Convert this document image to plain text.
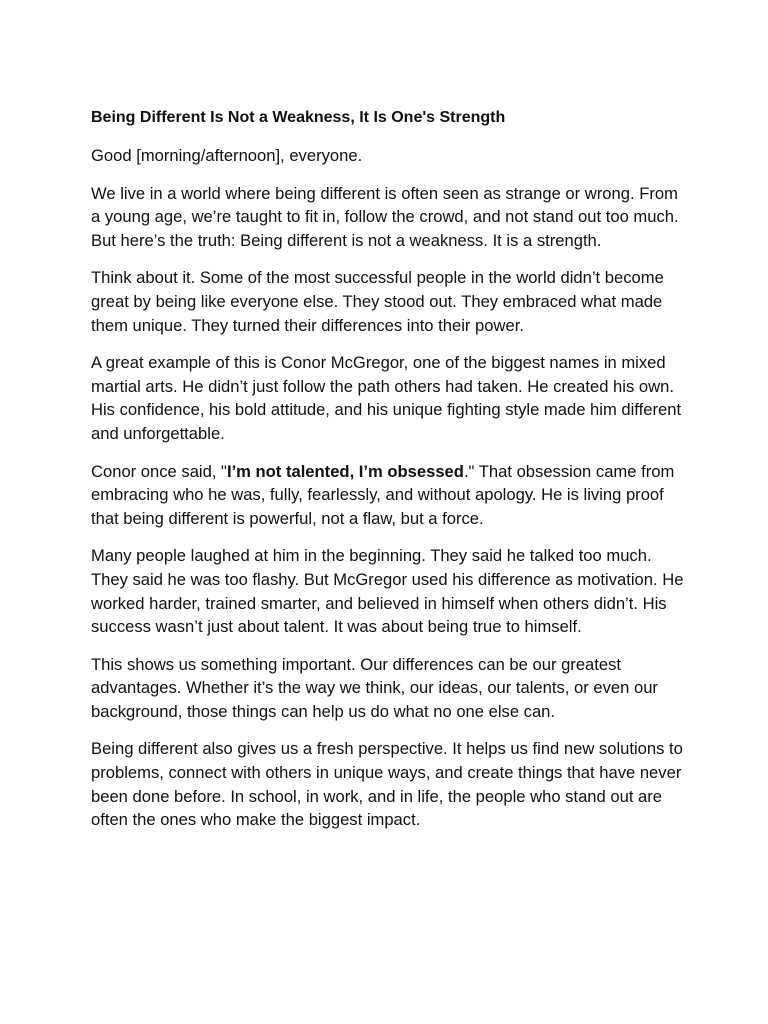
Being Different Is Not a Weakness, It Is One's Strength

Good [morning/afternoon], everyone.

We live in a world where being different is often seen as strange or wrong. From a young age, we’re taught to fit in, follow the crowd, and not stand out too much. But here’s the truth: Being different is not a weakness. It is a strength.

Think about it. Some of the most successful people in the world didn’t become great by being like everyone else. They stood out. They embraced what made them unique. They turned their differences into their power.

A great example of this is Conor McGregor, one of the biggest names in mixed martial arts. He didn’t just follow the path others had taken. He created his own. His confidence, his bold attitude, and his unique fighting style made him different and unforgettable.

Conor once said, "I’m not talented, I’m obsessed." That obsession came from embracing who he was, fully, fearlessly, and without apology. He is living proof that being different is powerful, not a flaw, but a force.

Many people laughed at him in the beginning. They said he talked too much. They said he was too flashy. But McGregor used his difference as motivation. He worked harder, trained smarter, and believed in himself when others didn’t. His success wasn’t just about talent. It was about being true to himself.

This shows us something important. Our differences can be our greatest advantages. Whether it’s the way we think, our ideas, our talents, or even our background, those things can help us do what no one else can.

Being different also gives us a fresh perspective. It helps us find new solutions to problems, connect with others in unique ways, and create things that have never been done before. In school, in work, and in life, the people who stand out are often the ones who make the biggest impact.
